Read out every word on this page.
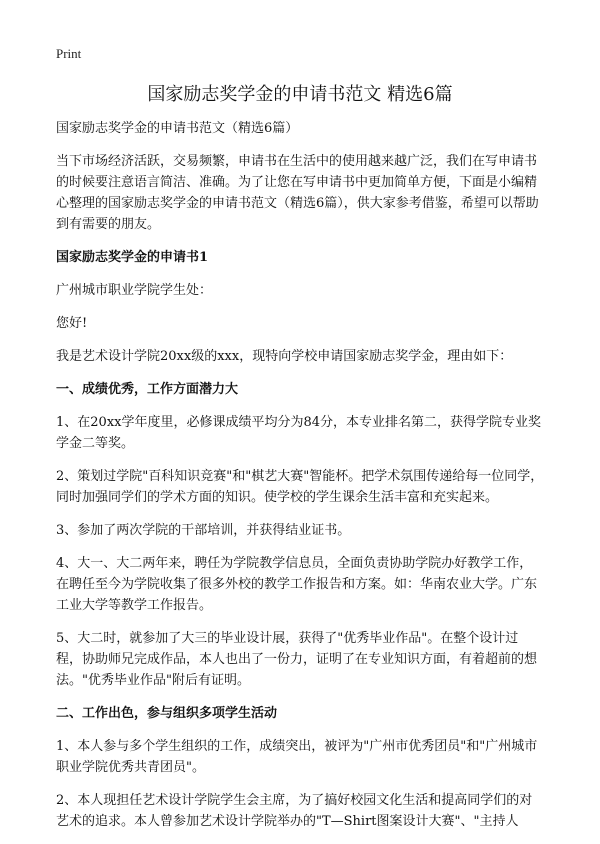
Print
国家励志奖学金的申请书范文 精选6篇

国家励志奖学金的申请书范文（精选6篇）

当下市场经济活跃，交易频繁，申请书在生活中的使用越来越广泛，我们在写申请书的时候要注意语言简洁、准确。为了让您在写申请书中更加简单方便，下面是小编精心整理的国家励志奖学金的申请书范文（精选6篇），供大家参考借鉴，希望可以帮助到有需要的朋友。

国家励志奖学金的申请书1

广州城市职业学院学生处：

您好!

我是艺术设计学院20xx级的xxx，现特向学校申请国家励志奖学金，理由如下：

一、成绩优秀，工作方面潜力大

1、在20xx学年度里，必修课成绩平均分为84分，本专业排名第二，获得学院专业奖学金二等奖。

2、策划过学院"百科知识竞赛"和"棋艺大赛"智能杯。把学术氛围传递给每一位同学，同时加强同学们的学术方面的知识。使学校的学生课余生活丰富和充实起来。

3、参加了两次学院的干部培训，并获得结业证书。

4、大一、大二两年来，聘任为学院教学信息员，全面负责协助学院办好教学工作，在聘任至今为学院收集了很多外校的教学工作报告和方案。如：华南农业大学。广东工业大学等教学工作报告。

5、大二时，就参加了大三的毕业设计展，获得了"优秀毕业作品"。在整个设计过程，协助师兄完成作品，本人也出了一份力，证明了在专业知识方面，有着超前的想法。"优秀毕业作品"附后有证明。

二、工作出色，参与组织多项学生活动

1、本人参与多个学生组织的工作，成绩突出，被评为"广州市优秀团员"和"广州城市职业学院优秀共青团员"。

2、本人现担任艺术设计学院学生会主席，为了搞好校园文化生活和提高同学们的对艺术的追求。本人曾参加艺术设计学院举办的"T—Shirt图案设计大赛"、"主持人
